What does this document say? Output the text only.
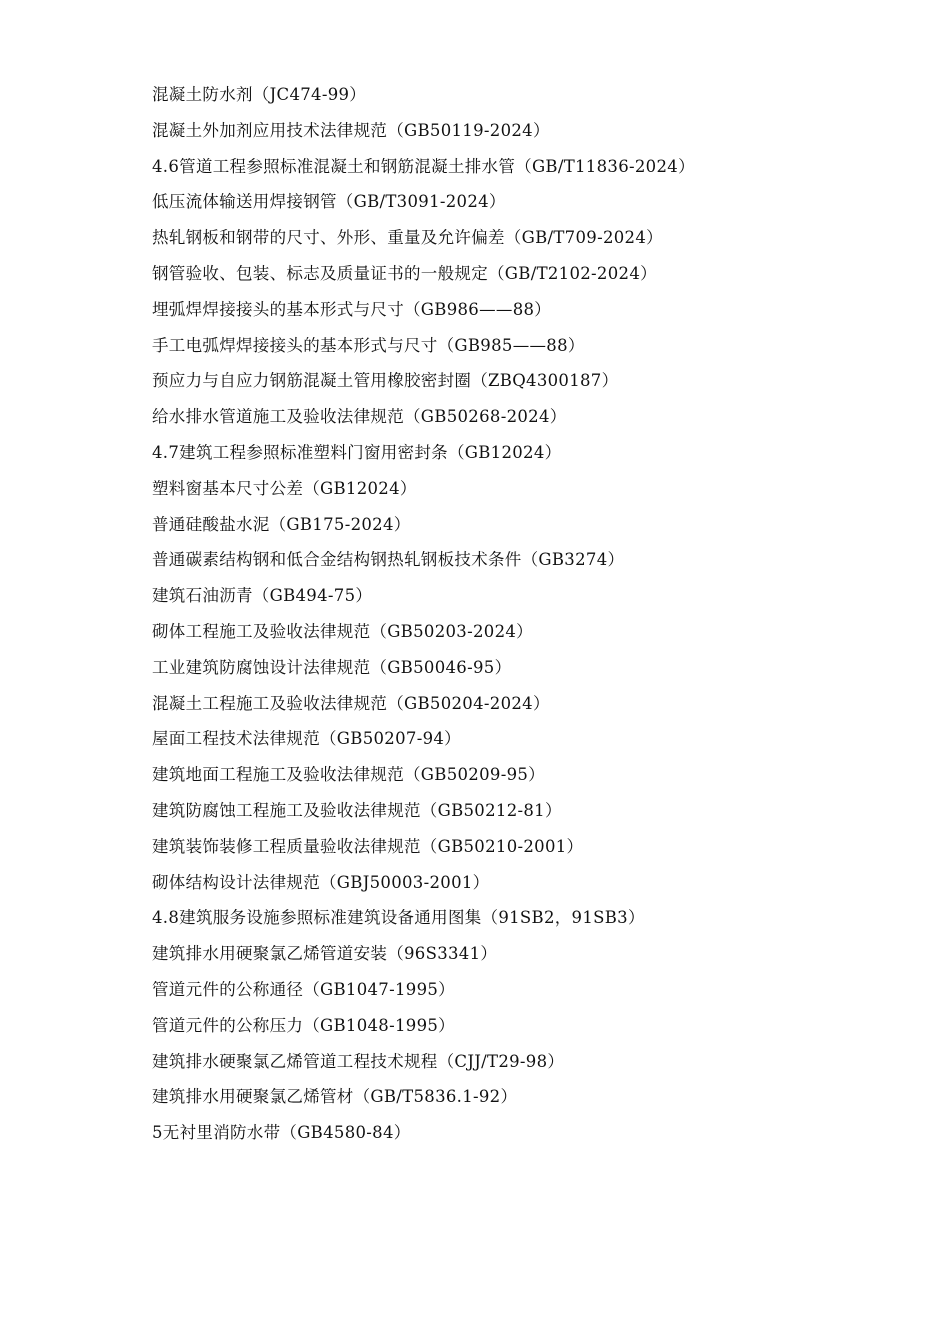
混凝土防水剂（JC474-99）
混凝土外加剂应用技术法律规范（GB50119-2024）
4.6管道工程参照标准混凝土和钢筋混凝土排水管（GB/T11836-2024）
低压流体输送用焊接钢管（GB/T3091-2024）
热轧钢板和钢带的尺寸、外形、重量及允许偏差（GB/T709-2024）
钢管验收、包装、标志及质量证书的一般规定（GB/T2102-2024）
埋弧焊焊接接头的基本形式与尺寸（GB986——88）
手工电弧焊焊接接头的基本形式与尺寸（GB985——88）
预应力与自应力钢筋混凝土管用橡胶密封圈（ZBQ4300187）
给水排水管道施工及验收法律规范（GB50268-2024）
4.7建筑工程参照标准塑料门窗用密封条（GB12024）
塑料窗基本尺寸公差（GB12024）
普通硅酸盐水泥（GB175-2024）
普通碳素结构钢和低合金结构钢热轧钢板技术条件（GB3274）
建筑石油沥青（GB494-75）
砌体工程施工及验收法律规范（GB50203-2024）
工业建筑防腐蚀设计法律规范（GB50046-95）
混凝土工程施工及验收法律规范（GB50204-2024）
屋面工程技术法律规范（GB50207-94）
建筑地面工程施工及验收法律规范（GB50209-95）
建筑防腐蚀工程施工及验收法律规范（GB50212-81）
建筑装饰装修工程质量验收法律规范（GB50210-2001）
砌体结构设计法律规范（GBJ50003-2001）
4.8建筑服务设施参照标准建筑设备通用图集（91SB2，91SB3）
建筑排水用硬聚氯乙烯管道安装（96S3341）
管道元件的公称通径（GB1047-1995）
管道元件的公称压力（GB1048-1995）
建筑排水硬聚氯乙烯管道工程技术规程（CJJ/T29-98）
建筑排水用硬聚氯乙烯管材（GB/T5836.1-92）
5无衬里消防水带（GB4580-84）
